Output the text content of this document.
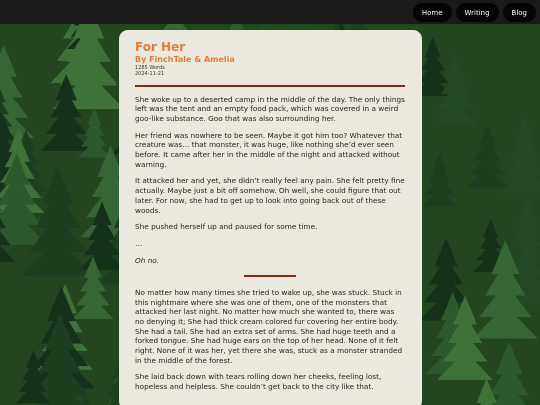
Home	Writing	Blog
For Her
By FinchTale & Amelia
1285 Words
2024-11-21

She woke up to a deserted camp in the middle of the day. The only things left was the tent and an empty food pack, which was covered in a weird goo-like substance. Goo that was also surrounding her.

Her friend was nowhere to be seen. Maybe it got him too? Whatever that creature was… that monster, it was huge, like nothing she’d ever seen before. It came after her in the middle of the night and attacked without warning.

It attacked her and yet, she didn’t really feel any pain. She felt pretty fine actually. Maybe just a bit off somehow. Oh well, she could figure that out later. For now, she had to get up to look into going back out of these woods.

She pushed herself up and paused for some time.

…

Oh no.

No matter how many times she tried to wake up, she was stuck. Stuck in this nightmare where she was one of them, one of the monsters that attacked her last night. No matter how much she wanted to, there was no denying it; She had thick cream colored fur covering her entire body. She had a tail. She had an extra set of arms. She had huge teeth and a forked tongue. She had huge ears on the top of her head. None of it felt right. None of it was her, yet there she was, stuck as a monster stranded in the middle of the forest.

She laid back down with tears rolling down her cheeks, feeling lost, hopeless and helpless. She couldn’t get back to the city like that.
